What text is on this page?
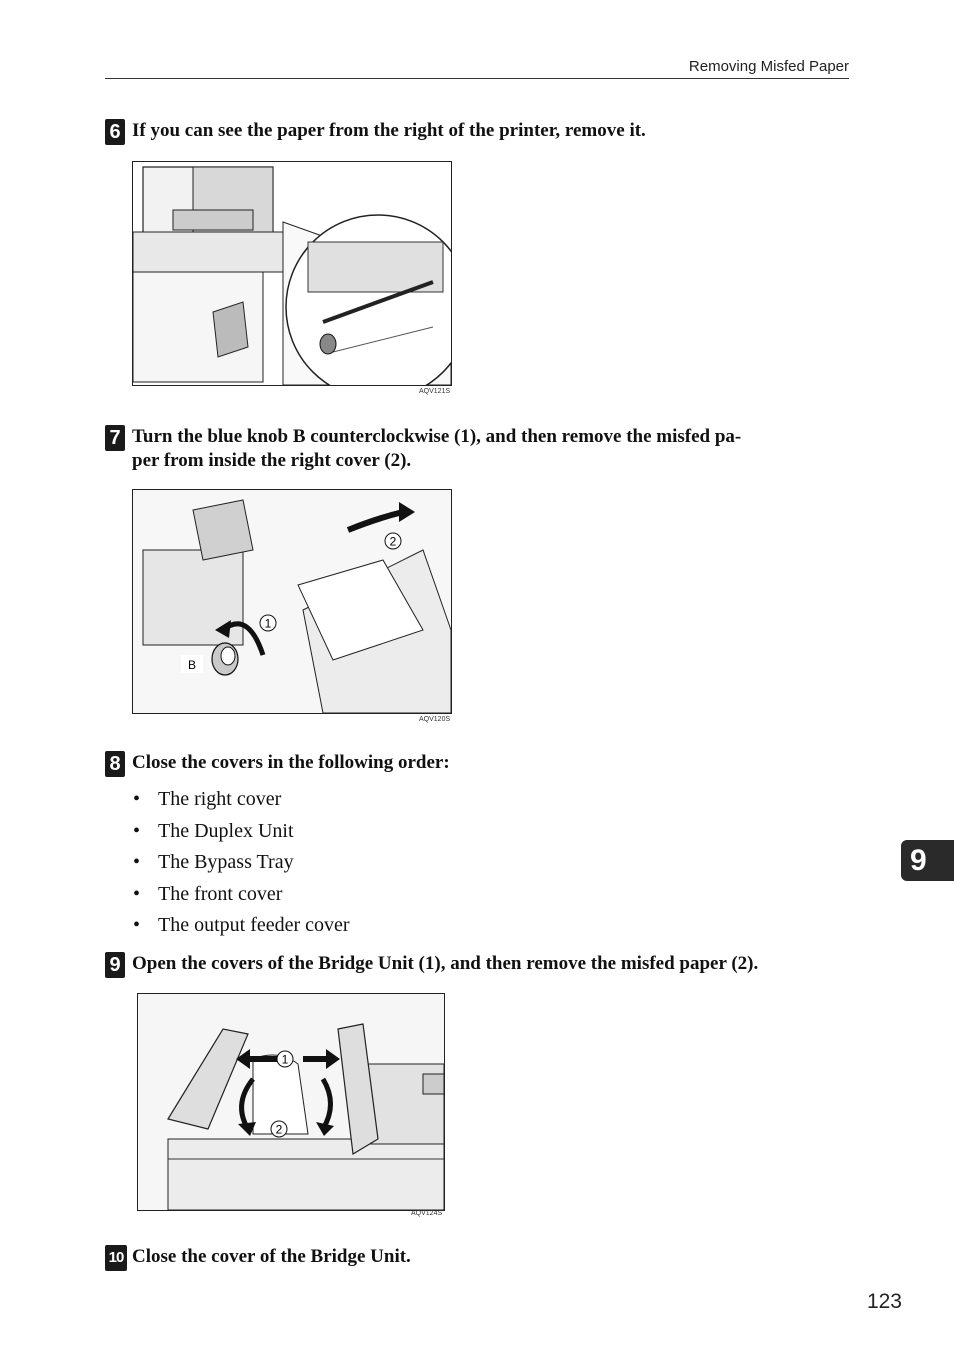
Removing Misfed Paper
6 If you can see the paper from the right of the printer, remove it.
AQV121S
7 Turn the blue knob B counterclockwise (1), and then remove the misfed pa-
per from inside the right cover (2).
1
2
B
AQV120S
8 Close the covers in the following order:
• The right cover
• The Duplex Unit
• The Bypass Tray
• The front cover
• The output feeder cover
9 Open the covers of the Bridge Unit (1), and then remove the misfed paper (2).
1
2
AQV124S
10 Close the cover of the Bridge Unit.
9
123
